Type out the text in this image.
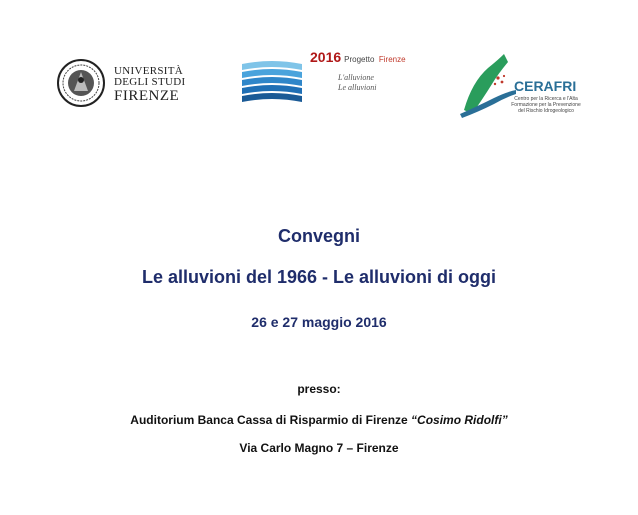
UNIVERSITÀ
DEGLI STUDI
FIRENZE
2016 Progetto Firenze
L'alluvione
Le alluvioni	CERAFRI
Centro per la Ricerca e l'Alta Formazione per la Prevenzione del Rischio Idrogeologico
Convegni
Le alluvioni del 1966 - Le alluvioni di oggi
26 e 27 maggio 2016
presso:
Auditorium Banca Cassa di Risparmio di Firenze “Cosimo Ridolfi”
Via Carlo Magno 7 – Firenze
